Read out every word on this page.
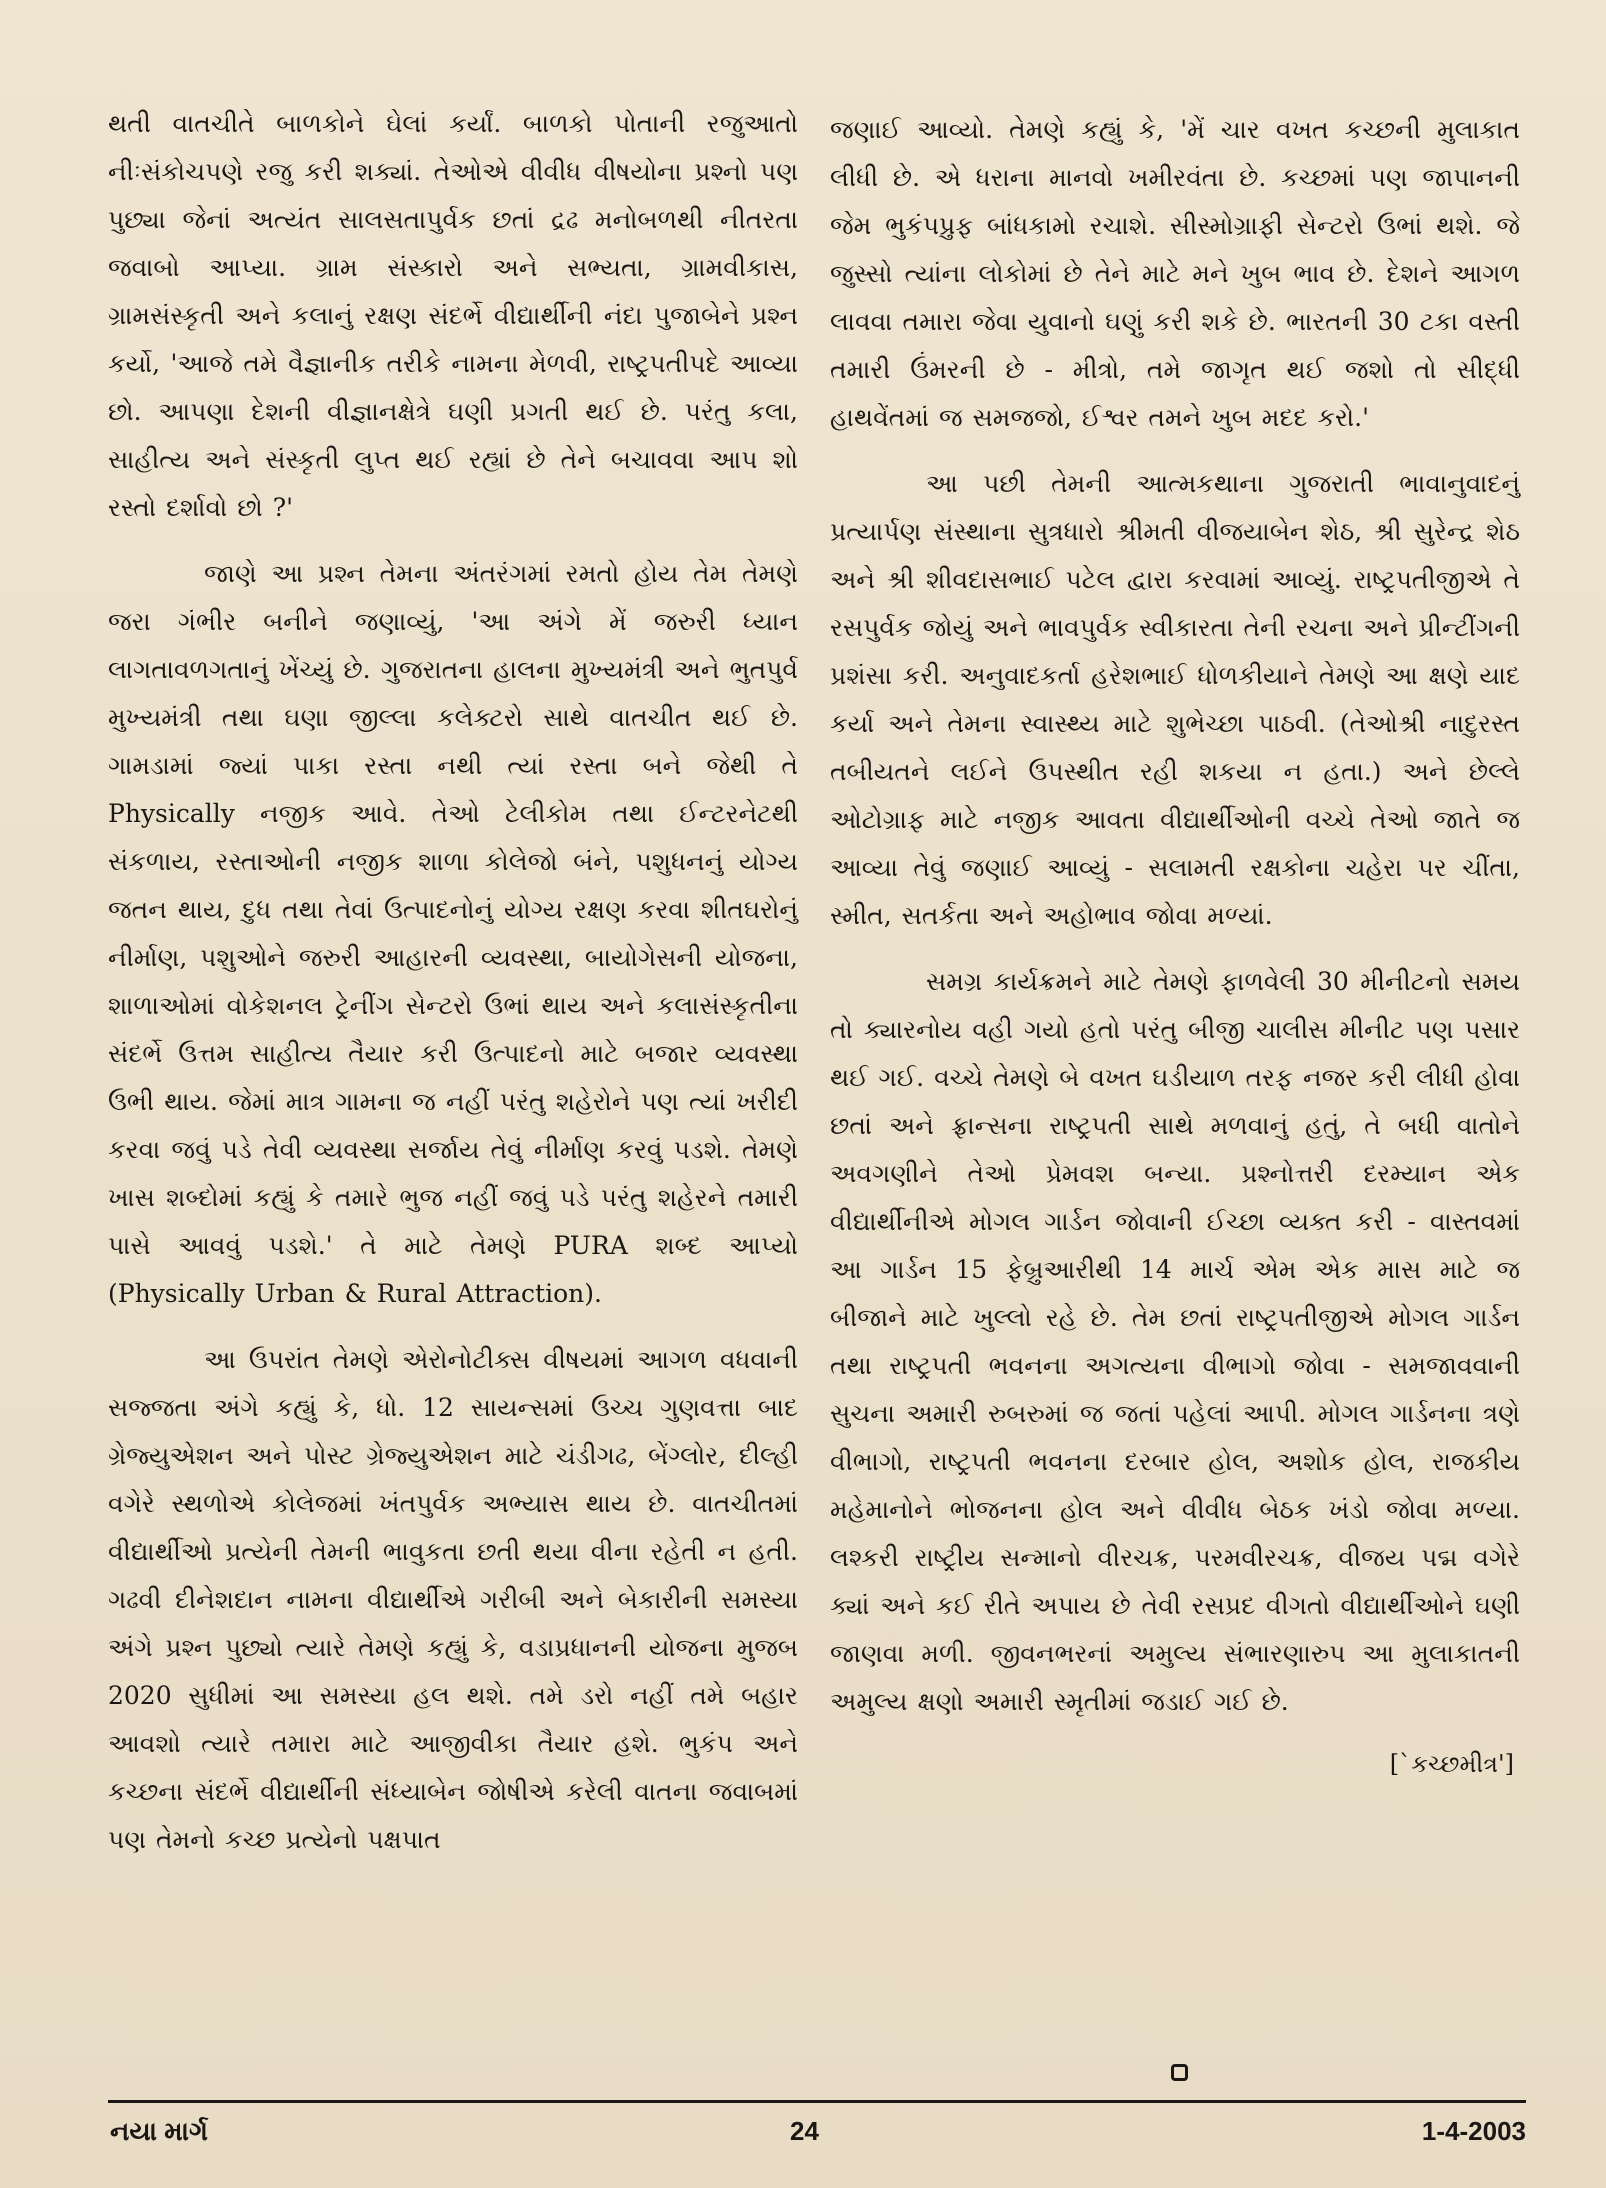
થતી વાતચીતે બાળકોને ઘેલાં કર્યાં. બાળકો પોતાની રજુઆતો નીઃસંકોચપણે રજુ કરી શક્યાં. તેઓએ વીવીધ વીષયોના પ્રશ્નો પણ પુછ્યા જેનાં અત્યંત સાલસતાપુર્વક છતાં દ્રઢ મનોબળથી નીતરતા જવાબો આપ્યા. ગ્રામ સંસ્કારો અને સભ્યતા, ગ્રામવીકાસ, ગ્રામસંસ્કૃતી અને કલાનું રક્ષણ સંદર્ભે વીદ્યાર્થીની નંદા પુજાબેને પ્રશ્ન કર્યો, 'આજે તમે વૈજ્ઞાનીક તરીકે નામના મેળવી, રાષ્ટ્રપતીપદે આવ્યા છો. આપણા દેશની વીજ્ઞાનક્ષેત્રે ઘણી પ્રગતી થઈ છે. પરંતુ કલા, સાહીત્ય અને સંસ્કૃતી લુપ્ત થઈ રહ્યાં છે તેને બચાવવા આપ શો રસ્તો દર્શાવો છો ?'

જાણે આ પ્રશ્ન તેમના અંતરંગમાં રમતો હોય તેમ તેમણે જરા ગંભીર બનીને જણાવ્યું, 'આ અંગે મેં જરુરી ધ્યાન લાગતાવળગતાનું ખેંચ્યું છે. ગુજરાતના હાલના મુખ્યમંત્રી અને ભુતપુર્વ મુખ્યમંત્રી તથા ઘણા જીલ્લા કલેક્ટરો સાથે વાતચીત થઈ છે. ગામડામાં જ્યાં પાકા રસ્તા નથી ત્યાં રસ્તા બને જેથી તે Physically નજીક આવે. તેઓ ટેલીકોમ તથા ઈન્ટરનેટથી સંકળાય, રસ્તાઓની નજીક શાળા કોલેજો બંને, પશુધનનું યોગ્ય જતન થાય, દુધ તથા તેવાં ઉત્પાદનોનું યોગ્ય રક્ષણ કરવા શીતઘરોનું નીર્માણ, પશુઓને જરુરી આહારની વ્યવસ્થા, બાયોગેસની યોજના, શાળાઓમાં વોકેશનલ ટ્રેનીંગ સેન્ટરો ઉભાં થાય અને કલાસંસ્કૃતીના સંદર્ભે ઉત્તમ સાહીત્ય તૈયાર કરી ઉત્પાદનો માટે બજાર વ્યવસ્થા ઉભી થાય. જેમાં માત્ર ગામના જ નહીં પરંતુ શહેરોને પણ ત્યાં ખરીદી કરવા જવું પડે તેવી વ્યવસ્થા સર્જાય તેવું નીર્માણ કરવું પડશે. તેમણે ખાસ શબ્દોમાં કહ્યું કે તમારે ભુજ નહીં જવું પડે પરંતુ શહેરને તમારી પાસે આવવું પડશે.' તે માટે તેમણે PURA શબ્દ આપ્યો (Physically Urban & Rural Attraction).

આ ઉપરાંત તેમણે એરોનોટીક્સ વીષયમાં આગળ વધવાની સજ્જતા અંગે કહ્યું કે, ધો. 12 સાયન્સમાં ઉચ્ચ ગુણવત્તા બાદ ગ્રેજ્યુએશન અને પોસ્ટ ગ્રેજ્યુએશન માટે ચંડીગઢ, બેંગ્લોર, દીલ્હી વગેરે સ્થળોએ કોલેજમાં ખંતપુર્વક અભ્યાસ થાય છે. વાતચીતમાં વીદ્યાર્થીઓ પ્રત્યેની તેમની ભાવુકતા છતી થયા વીના રહેતી ન હતી. ગઢવી દીનેશદાન નામના વીદ્યાર્થીએ ગરીબી અને બેકારીની સમસ્યા અંગે પ્રશ્ન પુછ્યો ત્યારે તેમણે કહ્યું કે, વડાપ્રધાનની યોજના મુજબ 2020 સુધીમાં આ સમસ્યા હલ થશે. તમે ડરો નહીં તમે બહાર આવશો ત્યારે તમારા માટે આજીવીકા તૈયાર હશે. ભુકંપ અને કચ્છના સંદર્ભે વીદ્યાર્થીની સંધ્યાબેન જોષીએ કરેલી વાતના જવાબમાં પણ તેમનો કચ્છ પ્રત્યેનો પક્ષપાત

જણાઈ આવ્યો. તેમણે કહ્યું કે, 'મેં ચાર વખત કચ્છની મુલાકાત લીધી છે. એ ધરાના માનવો ખમીરવંતા છે. કચ્છમાં પણ જાપાનની જેમ ભુકંપપ્રુફ બાંધકામો રચાશે. સીસ્મોગ્રાફી સેન્ટરો ઉભાં થશે. જે જુસ્સો ત્યાંના લોકોમાં છે તેને માટે મને ખુબ ભાવ છે. દેશને આગળ લાવવા તમારા જેવા યુવાનો ઘણું કરી શકે છે. ભારતની 30 ટકા વસ્તી તમારી ઉંમરની છે - મીત્રો, તમે જાગૃત થઈ જશો તો સીદ્ધી હાથવેંતમાં જ સમજજો, ઈશ્વર તમને ખુબ મદદ કરો.'

આ પછી તેમની આત્મકથાના ગુજરાતી ભાવાનુવાદનું પ્રત્યાર્પણ સંસ્થાના સુત્રધારો શ્રીમતી વીજયાબેન શેઠ, શ્રી સુરેન્દ્ર શેઠ અને શ્રી શીવદાસભાઈ પટેલ દ્વારા કરવામાં આવ્યું. રાષ્ટ્રપતીજીએ તે રસપુર્વક જોયું અને ભાવપુર્વક સ્વીકારતા તેની રચના અને પ્રીન્ટીંગની પ્રશંસા કરી. અનુવાદકર્તા હરેશભાઈ ધોળકીયાને તેમણે આ ક્ષણે યાદ કર્યા અને તેમના સ્વાસ્થ્ય માટે શુભેચ્છા પાઠવી. (તેઓશ્રી નાદુરસ્ત તબીયતને લઈને ઉપસ્થીત રહી શકયા ન હતા.) અને છેલ્લે ઓટોગ્રાફ માટે નજીક આવતા વીદ્યાર્થીઓની વચ્ચે તેઓ જાતે જ આવ્યા તેવું જણાઈ આવ્યું - સલામતી રક્ષકોના ચહેરા પર ચીંતા, સ્મીત, સતર્કતા અને અહોભાવ જોવા મળ્યાં.

સમગ્ર કાર્યક્રમને માટે તેમણે ફાળવેલી 30 મીનીટનો સમય તો ક્યારનોય વહી ગયો હતો પરંતુ બીજી ચાલીસ મીનીટ પણ પસાર થઈ ગઈ. વચ્ચે તેમણે બે વખત ઘડીયાળ તરફ નજર કરી લીધી હોવા છતાં અને ફ્રાન્સના રાષ્ટ્રપતી સાથે મળવાનું હતું, તે બધી વાતોને અવગણીને તેઓ પ્રેમવશ બન્યા. પ્રશ્નોત્તરી દરમ્યાન એક વીદ્યાર્થીનીએ મોગલ ગાર્ડન જોવાની ઈચ્છા વ્યક્ત કરી - વાસ્તવમાં આ ગાર્ડન 15 ફેબ્રુઆરીથી 14 માર્ચ એમ એક માસ માટે જ બીજાને માટે ખુલ્લો રહે છે. તેમ છતાં રાષ્ટ્રપતીજીએ મોગલ ગાર્ડન તથા રાષ્ટ્રપતી ભવનના અગત્યના વીભાગો જોવા - સમજાવવાની સુચના અમારી રુબરુમાં જ જતાં પહેલાં આપી. મોગલ ગાર્ડનના ત્રણે વીભાગો, રાષ્ટ્રપતી ભવનના દરબાર હોલ, અશોક હોલ, રાજકીય મહેમાનોને ભોજનના હોલ અને વીવીધ બેઠક ખંડો જોવા મળ્યા. લશ્કરી રાષ્ટ્રીય સન્માનો વીરચક્ર, પરમવીરચક્ર, વીજય પદ્મ વગેરે ક્યાં અને કઈ રીતે અપાય છે તેવી રસપ્રદ વીગતો વીદ્યાર્થીઓને ઘણી જાણવા મળી. જીવનભરનાં અમુલ્ય સંભારણારુપ આ મુલાકાતની અમુલ્ય ક્ષણો અમારી સ્મૃતીમાં જડાઈ ગઈ છે.

[`કચ્છમીત્ર']
નયા માર્ગ	24	1-4-2003
